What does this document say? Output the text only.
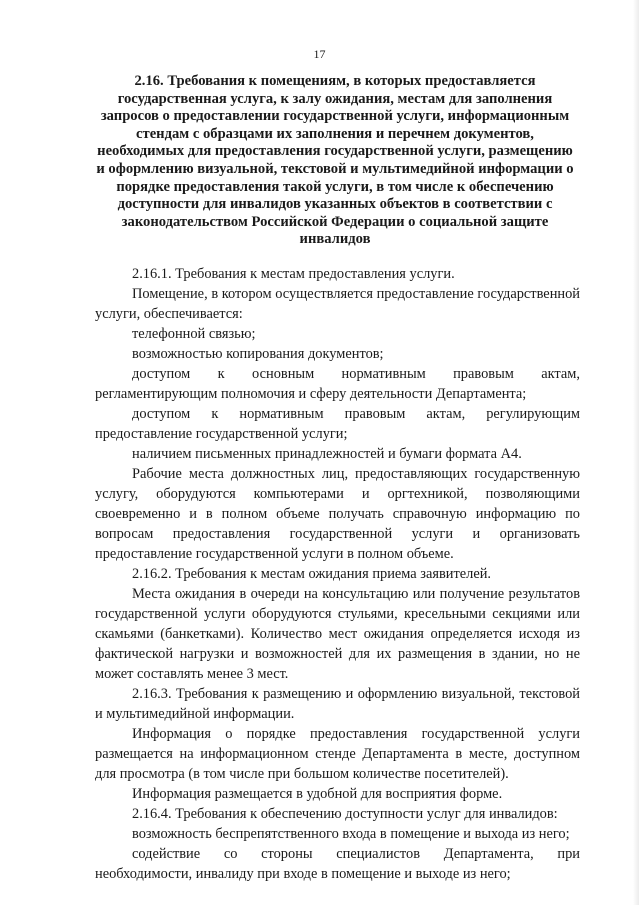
17
2.16. Требования к помещениям, в которых предоставляется государственная услуга, к залу ожидания, местам для заполнения запросов о предоставлении государственной услуги, информационным стендам с образцами их заполнения и перечнем документов, необходимых для предоставления государственной услуги, размещению и оформлению визуальной, текстовой и мультимедийной информации о порядке предоставления такой услуги, в том числе к обеспечению доступности для инвалидов указанных объектов в соответствии с законодательством Российской Федерации о социальной защите инвалидов

2.16.1. Требования к местам предоставления услуги.

Помещение, в котором осуществляется предоставление государственной услуги, обеспечивается:

телефонной связью;

возможностью копирования документов;

доступом к основным нормативным правовым актам, регламентирующим полномочия и сферу деятельности Департамента;

доступом к нормативным правовым актам, регулирующим предоставление государственной услуги;

наличием письменных принадлежностей и бумаги формата А4.

Рабочие места должностных лиц, предоставляющих государственную услугу, оборудуются компьютерами и оргтехникой, позволяющими своевременно и в полном объеме получать справочную информацию по вопросам предоставления государственной услуги и организовать предоставление государственной услуги в полном объеме.

2.16.2. Требования к местам ожидания приема заявителей.

Места ожидания в очереди на консультацию или получение результатов государственной услуги оборудуются стульями, кресельными секциями или скамьями (банкетками). Количество мест ожидания определяется исходя из фактической нагрузки и возможностей для их размещения в здании, но не может составлять менее 3 мест.

2.16.3. Требования к размещению и оформлению визуальной, текстовой и мультимедийной информации.

Информация о порядке предоставления государственной услуги размещается на информационном стенде Департамента в месте, доступном для просмотра (в том числе при большом количестве посетителей).

Информация размещается в удобной для восприятия форме.

2.16.4. Требования к обеспечению доступности услуг для инвалидов:

возможность беспрепятственного входа в помещение и выхода из него;

содействие со стороны специалистов Департамента, при необходимости, инвалиду при входе в помещение и выходе из него;
